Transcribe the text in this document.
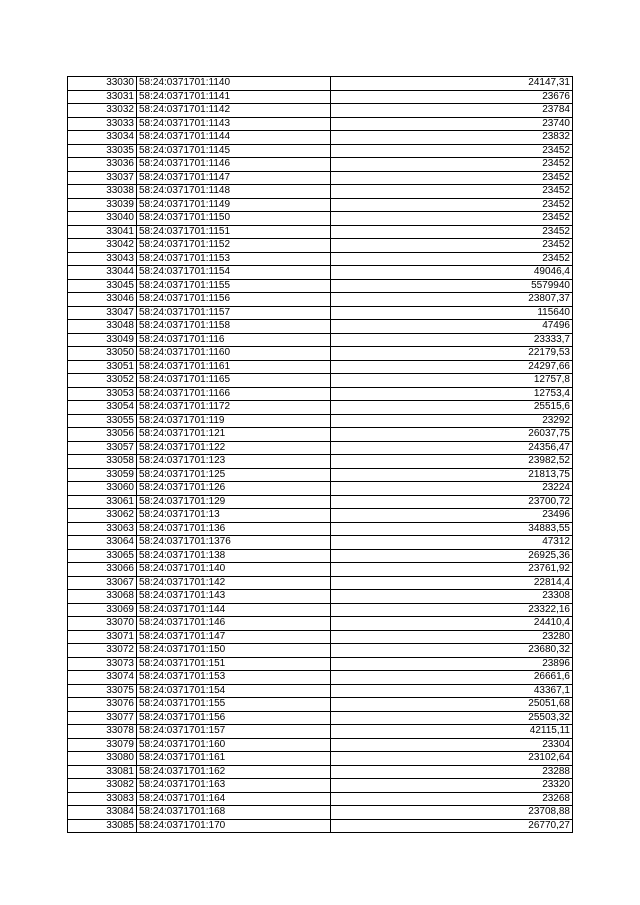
33030	58:24:0371701:1140	24147,31
33031	58:24:0371701:1141	23676
33032	58:24:0371701:1142	23784
33033	58:24:0371701:1143	23740
33034	58:24:0371701:1144	23832
33035	58:24:0371701:1145	23452
33036	58:24:0371701:1146	23452
33037	58:24:0371701:1147	23452
33038	58:24:0371701:1148	23452
33039	58:24:0371701:1149	23452
33040	58:24:0371701:1150	23452
33041	58:24:0371701:1151	23452
33042	58:24:0371701:1152	23452
33043	58:24:0371701:1153	23452
33044	58:24:0371701:1154	49046,4
33045	58:24:0371701:1155	5579940
33046	58:24:0371701:1156	23807,37
33047	58:24:0371701:1157	115640
33048	58:24:0371701:1158	47496
33049	58:24:0371701:116	23333,7
33050	58:24:0371701:1160	22179,53
33051	58:24:0371701:1161	24297,66
33052	58:24:0371701:1165	12757,8
33053	58:24:0371701:1166	12753,4
33054	58:24:0371701:1172	25515,6
33055	58:24:0371701:119	23292
33056	58:24:0371701:121	26037,75
33057	58:24:0371701:122	24356,47
33058	58:24:0371701:123	23982,52
33059	58:24:0371701:125	21813,75
33060	58:24:0371701:126	23224
33061	58:24:0371701:129	23700,72
33062	58:24:0371701:13	23496
33063	58:24:0371701:136	34883,55
33064	58:24:0371701:1376	47312
33065	58:24:0371701:138	26925,36
33066	58:24:0371701:140	23761,92
33067	58:24:0371701:142	22814,4
33068	58:24:0371701:143	23308
33069	58:24:0371701:144	23322,16
33070	58:24:0371701:146	24410,4
33071	58:24:0371701:147	23280
33072	58:24:0371701:150	23680,32
33073	58:24:0371701:151	23896
33074	58:24:0371701:153	26661,6
33075	58:24:0371701:154	43367,1
33076	58:24:0371701:155	25051,68
33077	58:24:0371701:156	25503,32
33078	58:24:0371701:157	42115,11
33079	58:24:0371701:160	23304
33080	58:24:0371701:161	23102,64
33081	58:24:0371701:162	23288
33082	58:24:0371701:163	23320
33083	58:24:0371701:164	23268
33084	58:24:0371701:168	23708,88
33085	58:24:0371701:170	26770,27
